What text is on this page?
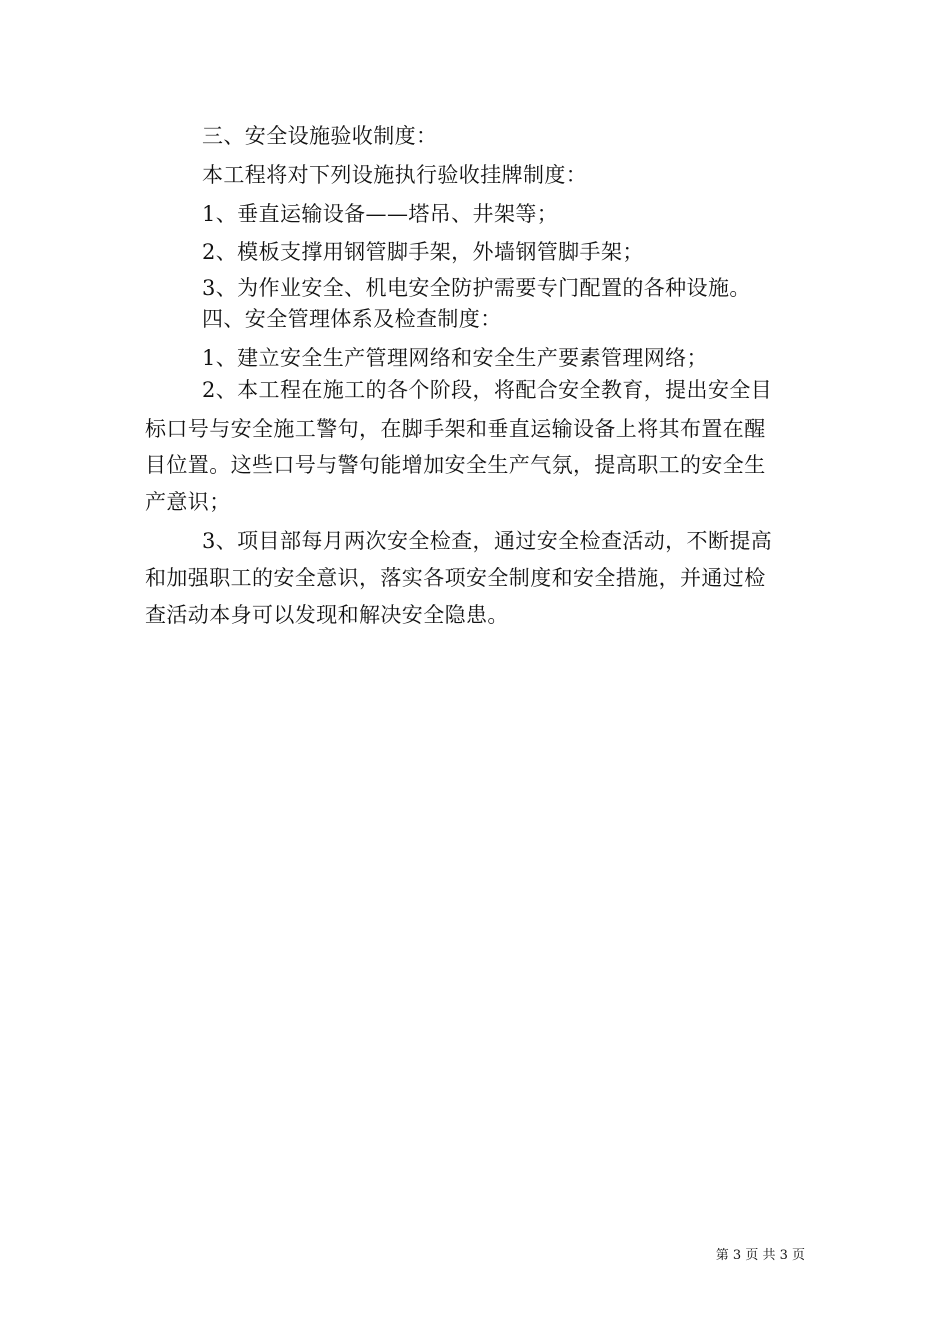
三、安全设施验收制度：
本工程将对下列设施执行验收挂牌制度：
1、垂直运输设备——塔吊、井架等；
2、模板支撑用钢管脚手架，外墙钢管脚手架；
3、为作业安全、机电安全防护需要专门配置的各种设施。
四、安全管理体系及检查制度：
1、建立安全生产管理网络和安全生产要素管理网络；
2、本工程在施工的各个阶段，将配合安全教育，提出安全目
标口号与安全施工警句，在脚手架和垂直运输设备上将其布置在醒
目位置。这些口号与警句能增加安全生产气氛，提高职工的安全生
产意识；
3、项目部每月两次安全检查，通过安全检查活动，不断提高
和加强职工的安全意识，落实各项安全制度和安全措施，并通过检
查活动本身可以发现和解决安全隐患。
第 3 页 共 3 页
